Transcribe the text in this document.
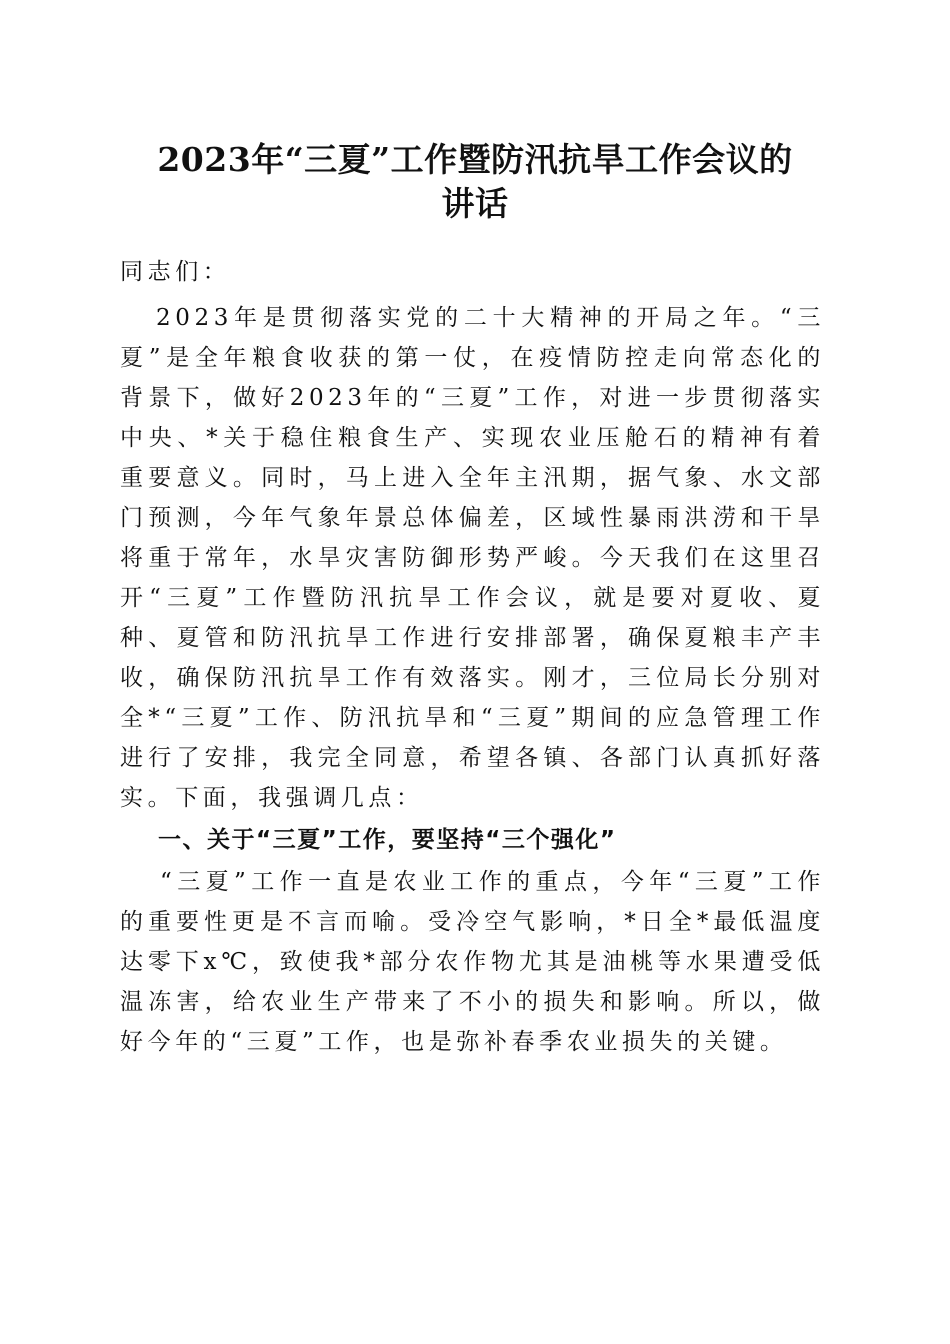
2023年“三夏”工作暨防汛抗旱工作会议的
讲话

同志们：

2023年是贯彻落实党的二十大精神的开局之年。“三夏”是全年粮食收获的第一仗，在疫情防控走向常态化的背景下，做好2023年的“三夏”工作，对进一步贯彻落实中央、*关于稳住粮食生产、实现农业压舱石的精神有着重要意义。同时，马上进入全年主汛期，据气象、水文部门预测，今年气象年景总体偏差，区域性暴雨洪涝和干旱将重于常年，水旱灾害防御形势严峻。今天我们在这里召开“三夏”工作暨防汛抗旱工作会议，就是要对夏收、夏种、夏管和防汛抗旱工作进行安排部署，确保夏粮丰产丰收，确保防汛抗旱工作有效落实。刚才，三位局长分别对全*“三夏”工作、防汛抗旱和“三夏”期间的应急管理工作进行了安排，我完全同意，希望各镇、各部门认真抓好落实。下面，我强调几点：

一、关于“三夏”工作，要坚持“三个强化”

“三夏”工作一直是农业工作的重点，今年“三夏”工作的重要性更是不言而喻。受冷空气影响，*日全*最低温度达零下x℃，致使我*部分农作物尤其是油桃等水果遭受低温冻害，给农业生产带来了不小的损失和影响。所以，做好今年的“三夏”工作，也是弥补春季农业损失的关键。
